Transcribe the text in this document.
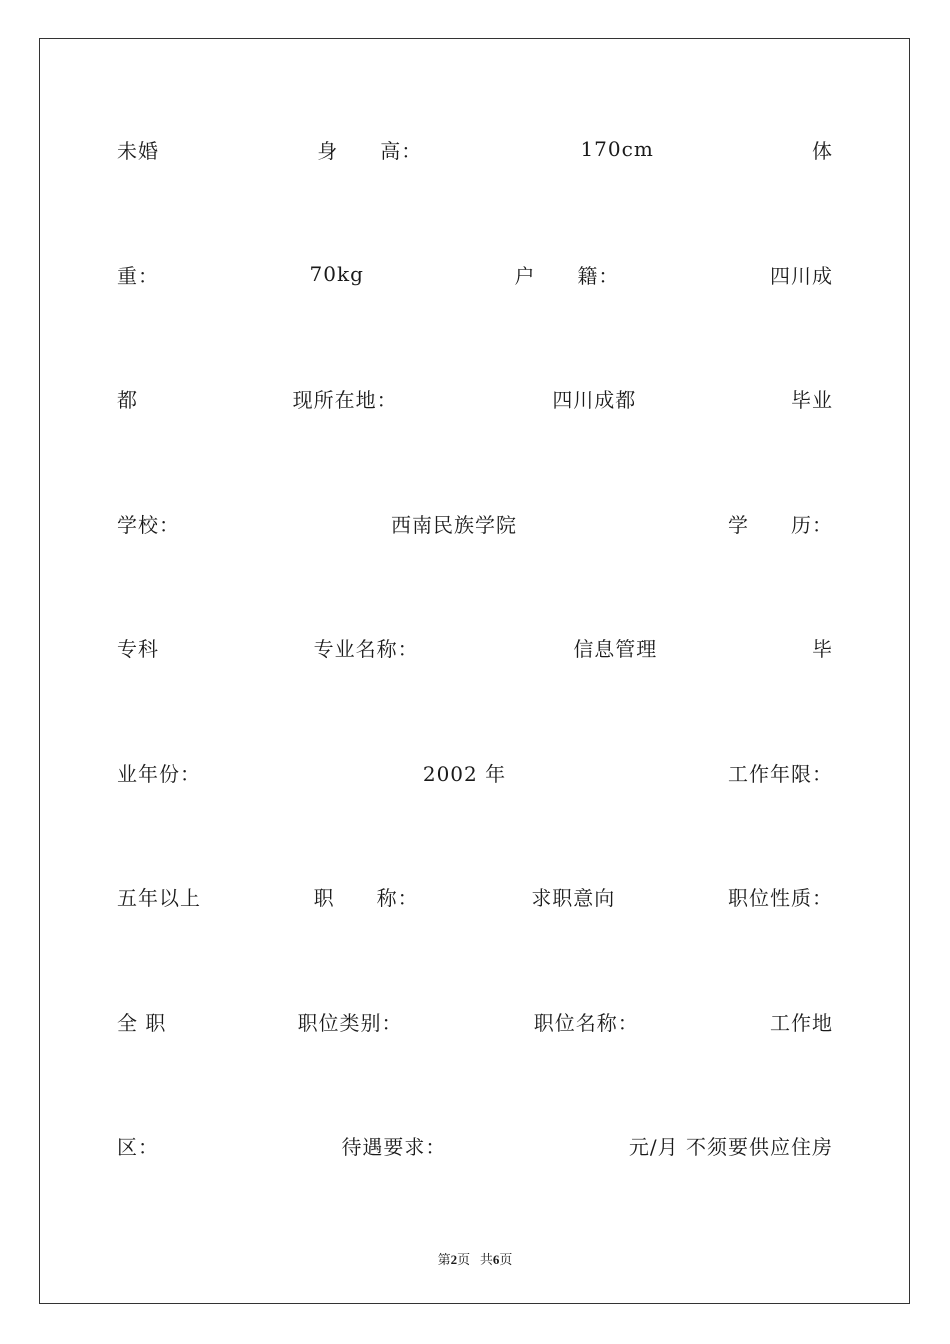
未婚	身　　高：	170cm	体
重：	70kg	户　　籍：	四川成
都	现所在地：	四川成都	毕业
学校：	西南民族学院	学　　历：
专科	专业名称：	信息管理	毕
业年份：	2002 年	工作年限：
五年以上	职　　称：	求职意向	职位性质：
全 职	职位类别：	职位名称：	工作地
区：	待遇要求：	元/月 不须要供应住房
第2页 共6页
